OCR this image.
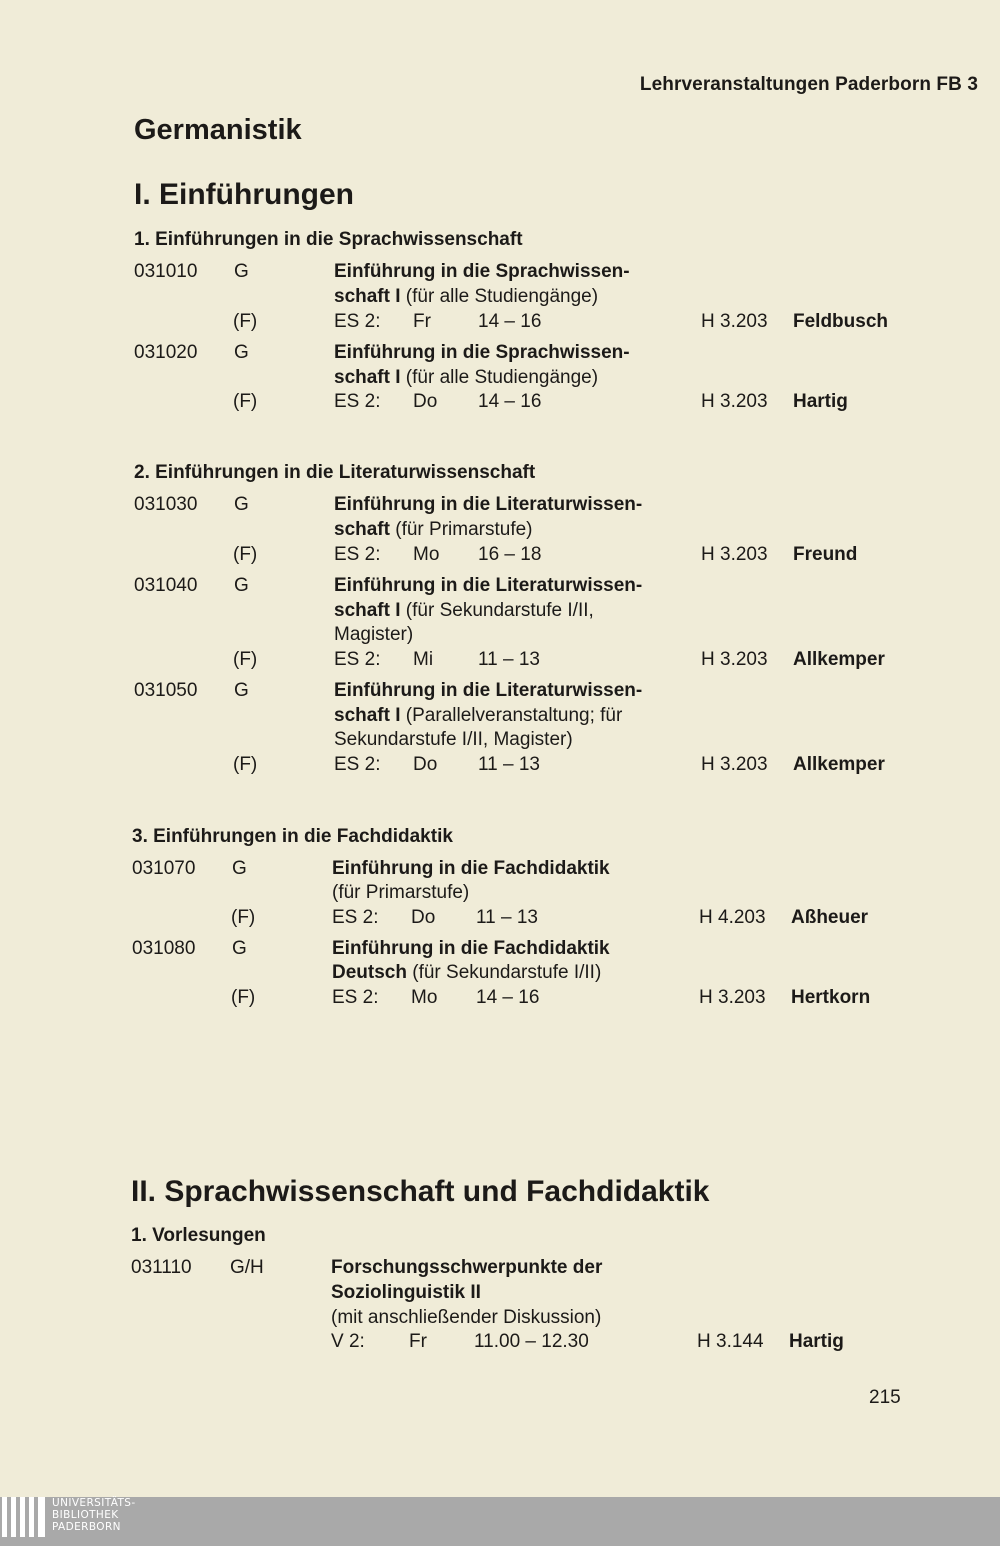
Lehrveranstaltungen Paderborn FB 3
Germanistik
I. Einführungen
1. Einführungen in die Sprachwissenschaft
031010 G	Einführung in die Sprachwissen-
schaft I (für alle Studiengänge)
(F)	ES 2: Fr 14 – 16	H 3.203 Feldbusch
031020 G	Einführung in die Sprachwissen-
schaft I (für alle Studiengänge)
(F)	ES 2: Do 14 – 16	H 3.203 Hartig
2. Einführungen in die Literaturwissenschaft
031030 G	Einführung in die Literaturwissen-
schaft (für Primarstufe)
(F)	ES 2: Mo 16 – 18	H 3.203 Freund
031040 G	Einführung in die Literaturwissen-
schaft I (für Sekundarstufe I/II,
Magister)
(F)	ES 2: Mi 11 – 13	H 3.203 Allkemper
031050 G	Einführung in die Literaturwissen-
schaft I (Parallelveranstaltung; für
Sekundarstufe I/II, Magister)
(F)	ES 2: Do 11 – 13	H 3.203 Allkemper
3. Einführungen in die Fachdidaktik
031070 G	Einführung in die Fachdidaktik
(für Primarstufe)
(F)	ES 2: Do 11 – 13	H 4.203 Aßheuer
031080 G	Einführung in die Fachdidaktik
Deutsch (für Sekundarstufe I/II)
(F)	ES 2: Mo 14 – 16	H 3.203 Hertkorn
II. Sprachwissenschaft und Fachdidaktik
1. Vorlesungen
031110 G/H	Forschungsschwerpunkte der
Soziolinguistik II
(mit anschließender Diskussion)
V 2: Fr 11.00 – 12.30	H 3.144 Hartig
215
UNIVERSITÄTS-
BIBLIOTHEK
PADERBORN
